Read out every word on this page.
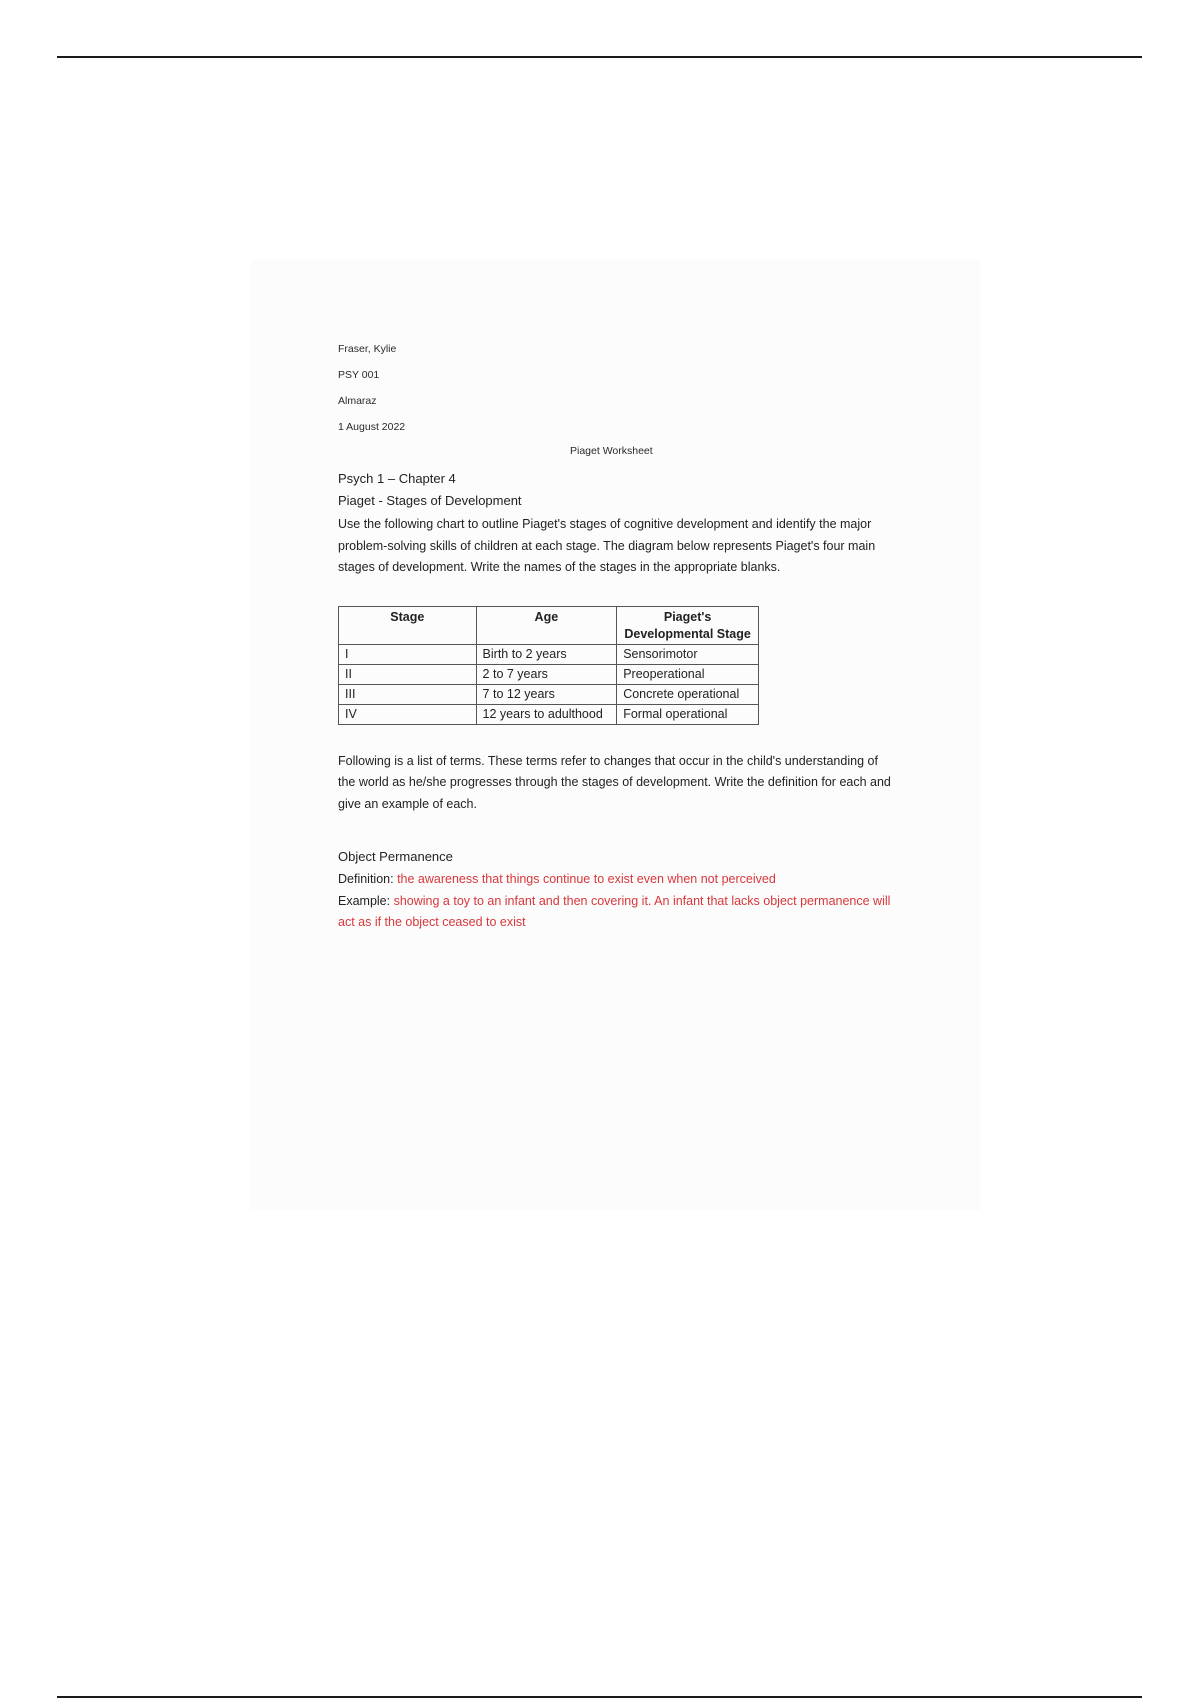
Fraser, Kylie

PSY 001

Almaraz

1 August 2022

Piaget Worksheet

Psych 1 – Chapter 4

Piaget - Stages of Development

Use the following chart to outline Piaget's stages of cognitive development and identify the major problem-solving skills of children at each stage. The diagram below represents Piaget's four main stages of development. Write the names of the stages in the appropriate blanks.

Stage	Age	Piaget's Developmental Stage
I	Birth to 2 years	Sensorimotor
II	2 to 7 years	Preoperational
III	7 to 12 years	Concrete operational
IV	12 years to adulthood	Formal operational

Following is a list of terms. These terms refer to changes that occur in the child's understanding of the world as he/she progresses through the stages of development. Write the definition for each and give an example of each.

Object Permanence

Definition: the awareness that things continue to exist even when not perceived

Example: showing a toy to an infant and then covering it. An infant that lacks object permanence will act as if the object ceased to exist
